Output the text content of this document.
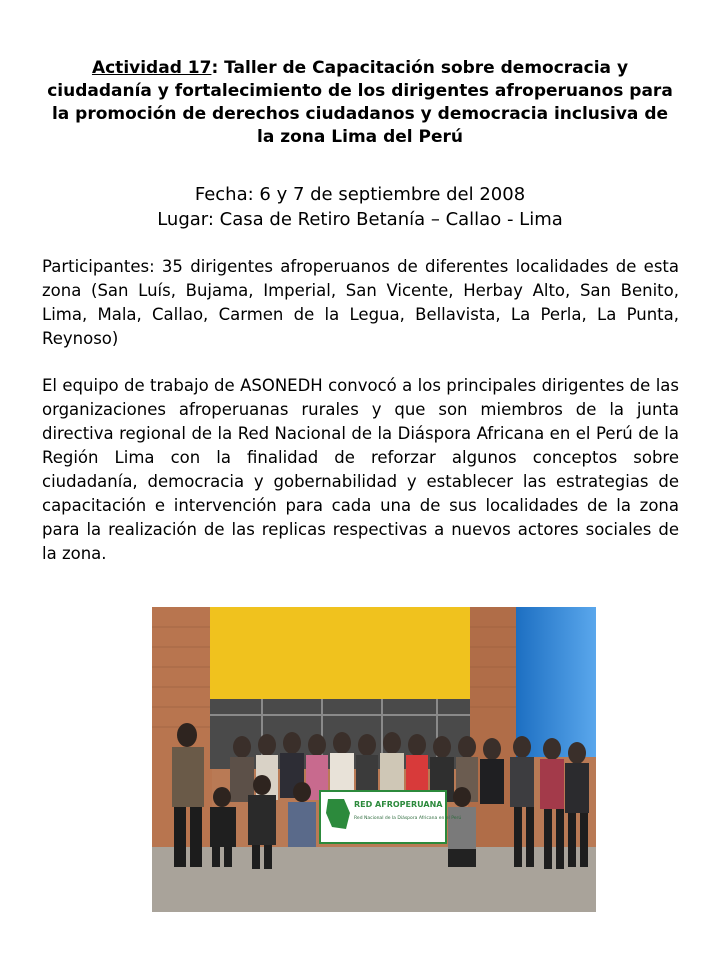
Actividad 17: Taller de Capacitación sobre democracia y ciudadanía y fortalecimiento de los dirigentes afroperuanos para la promoción de derechos ciudadanos y democracia inclusiva de la zona Lima del Perú
Fecha: 6 y 7 de septiembre del 2008
Lugar: Casa de Retiro Betanía – Callao - Lima
Participantes: 35 dirigentes afroperuanos de diferentes localidades de esta zona (San Luís, Bujama, Imperial, San Vicente, Herbay Alto, San Benito, Lima, Mala, Callao, Carmen de la Legua, Bellavista, La Perla, La Punta, Reynoso)
El equipo de trabajo de ASONEDH convocó a los principales dirigentes de las organizaciones afroperuanas rurales y que son miembros de la junta directiva regional de la Red Nacional de la Diáspora Africana en el Perú de la Región Lima con la finalidad de reforzar algunos conceptos sobre ciudadanía, democracia y gobernabilidad y establecer las estrategias de capacitación e intervención para cada una de sus localidades de la zona para la realización de las replicas respectivas a nuevos actores sociales de la zona.
RED AFROPERUANA
Red Nacional de la Diáspora Africana en el Perú
